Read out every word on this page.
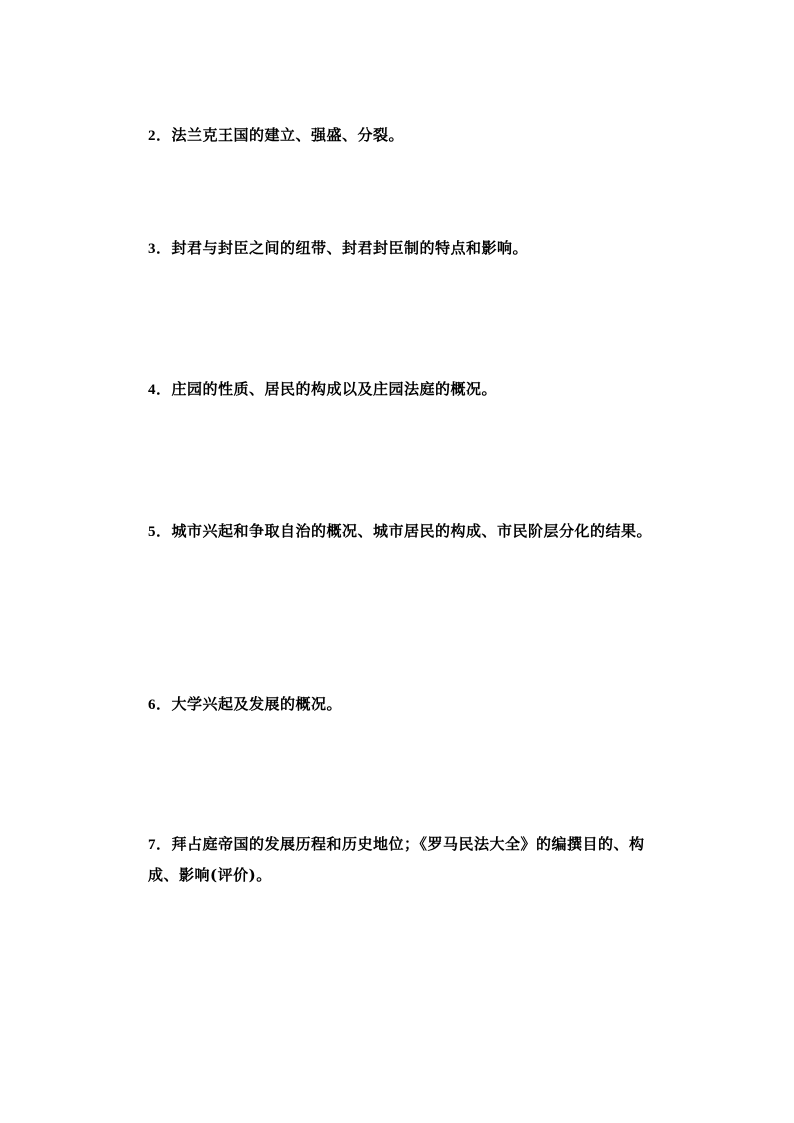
2．法兰克王国的建立、强盛、分裂。

3．封君与封臣之间的纽带、封君封臣制的特点和影响。

4．庄园的性质、居民的构成以及庄园法庭的概况。

5．城市兴起和争取自治的概况、城市居民的构成、市民阶层分化的结果。

6．大学兴起及发展的概况。

7．拜占庭帝国的发展历程和历史地位；《罗马民法大全》的编撰目的、构成、影响(评价)。
